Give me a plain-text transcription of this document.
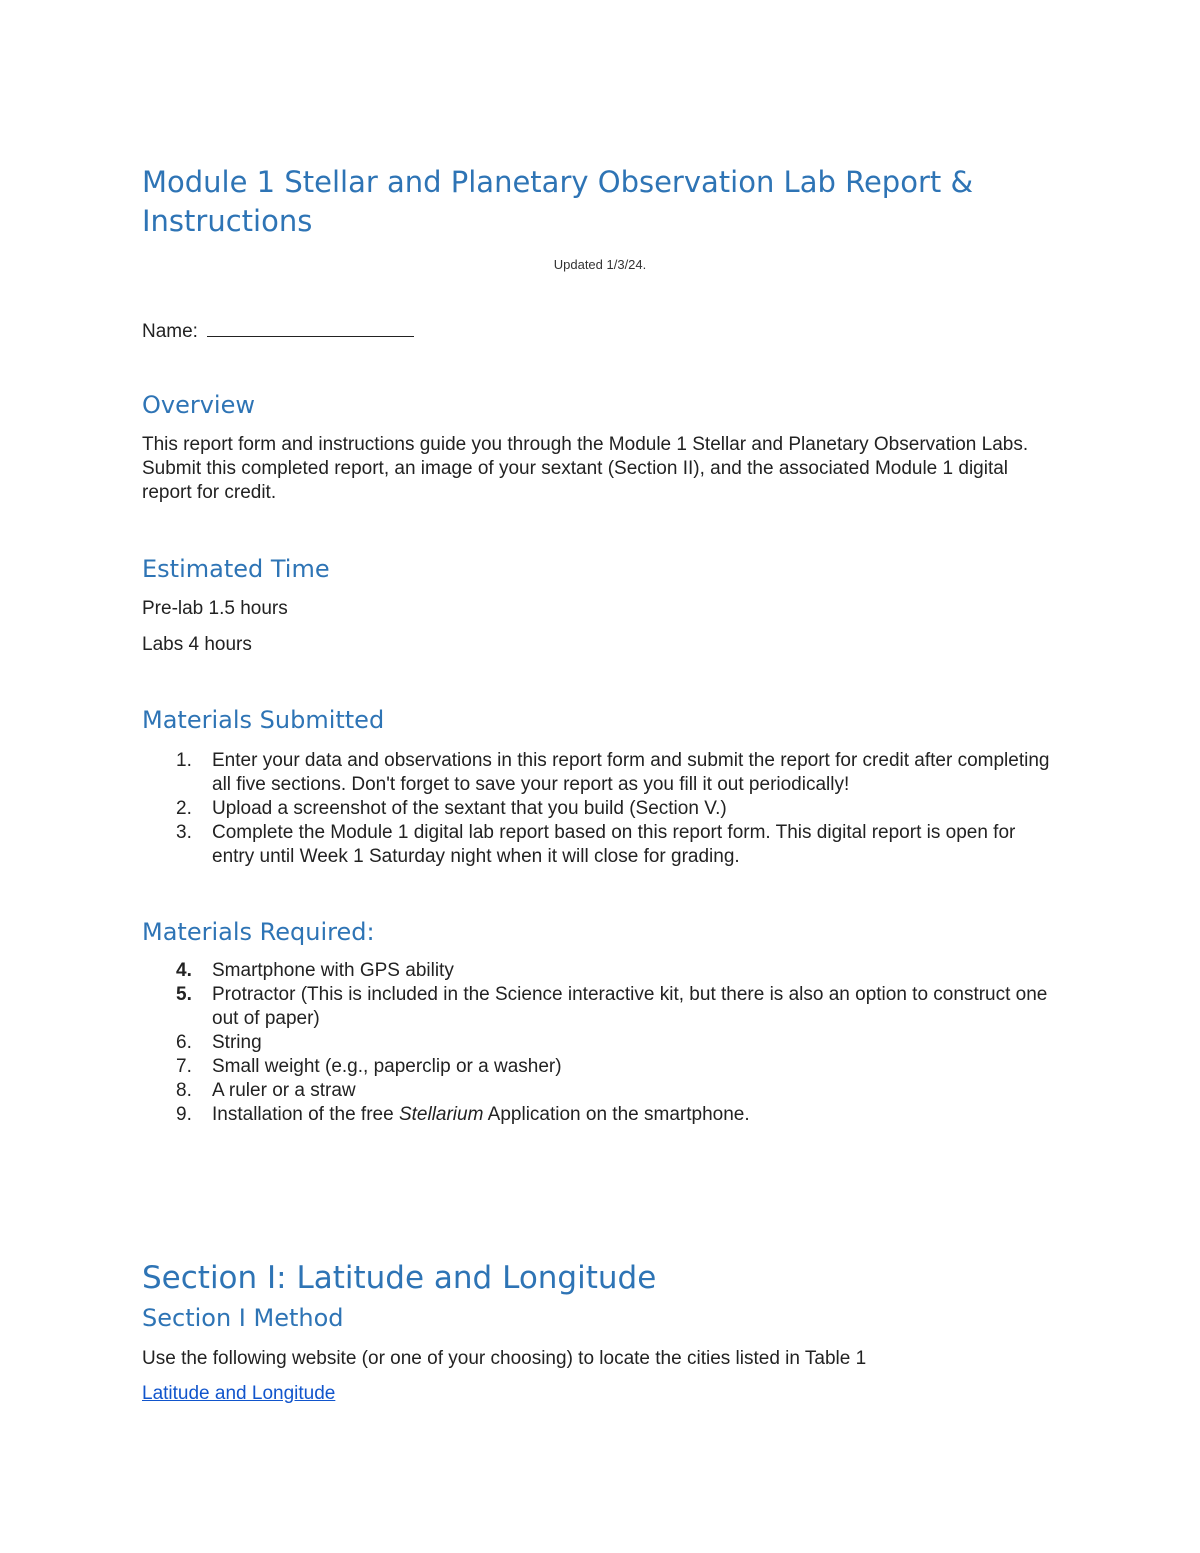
Module 1 Stellar and Planetary Observation Lab Report & Instructions
Updated 1/3/24.

Name:

Overview

This report form and instructions guide you through the Module 1 Stellar and Planetary Observation Labs. Submit this completed report, an image of your sextant (Section II), and the associated Module 1 digital report for credit.

Estimated Time

Pre-lab 1.5 hours

Labs 4 hours

Materials Submitted
1. Enter your data and observations in this report form and submit the report for credit after completing all five sections. Don't forget to save your report as you fill it out periodically!
2. Upload a screenshot of the sextant that you build (Section V.)
3. Complete the Module 1 digital lab report based on this report form. This digital report is open for entry until Week 1 Saturday night when it will close for grading.
Materials Required:
4. Smartphone with GPS ability
5. Protractor (This is included in the Science interactive kit, but there is also an option to construct one out of paper)
6. String
7. Small weight (e.g., paperclip or a washer)
8. A ruler or a straw
9. Installation of the free Stellarium Application on the smartphone.
Section I: Latitude and Longitude
Section I Method

Use the following website (or one of your choosing) to locate the cities listed in Table 1

Latitude and Longitude
